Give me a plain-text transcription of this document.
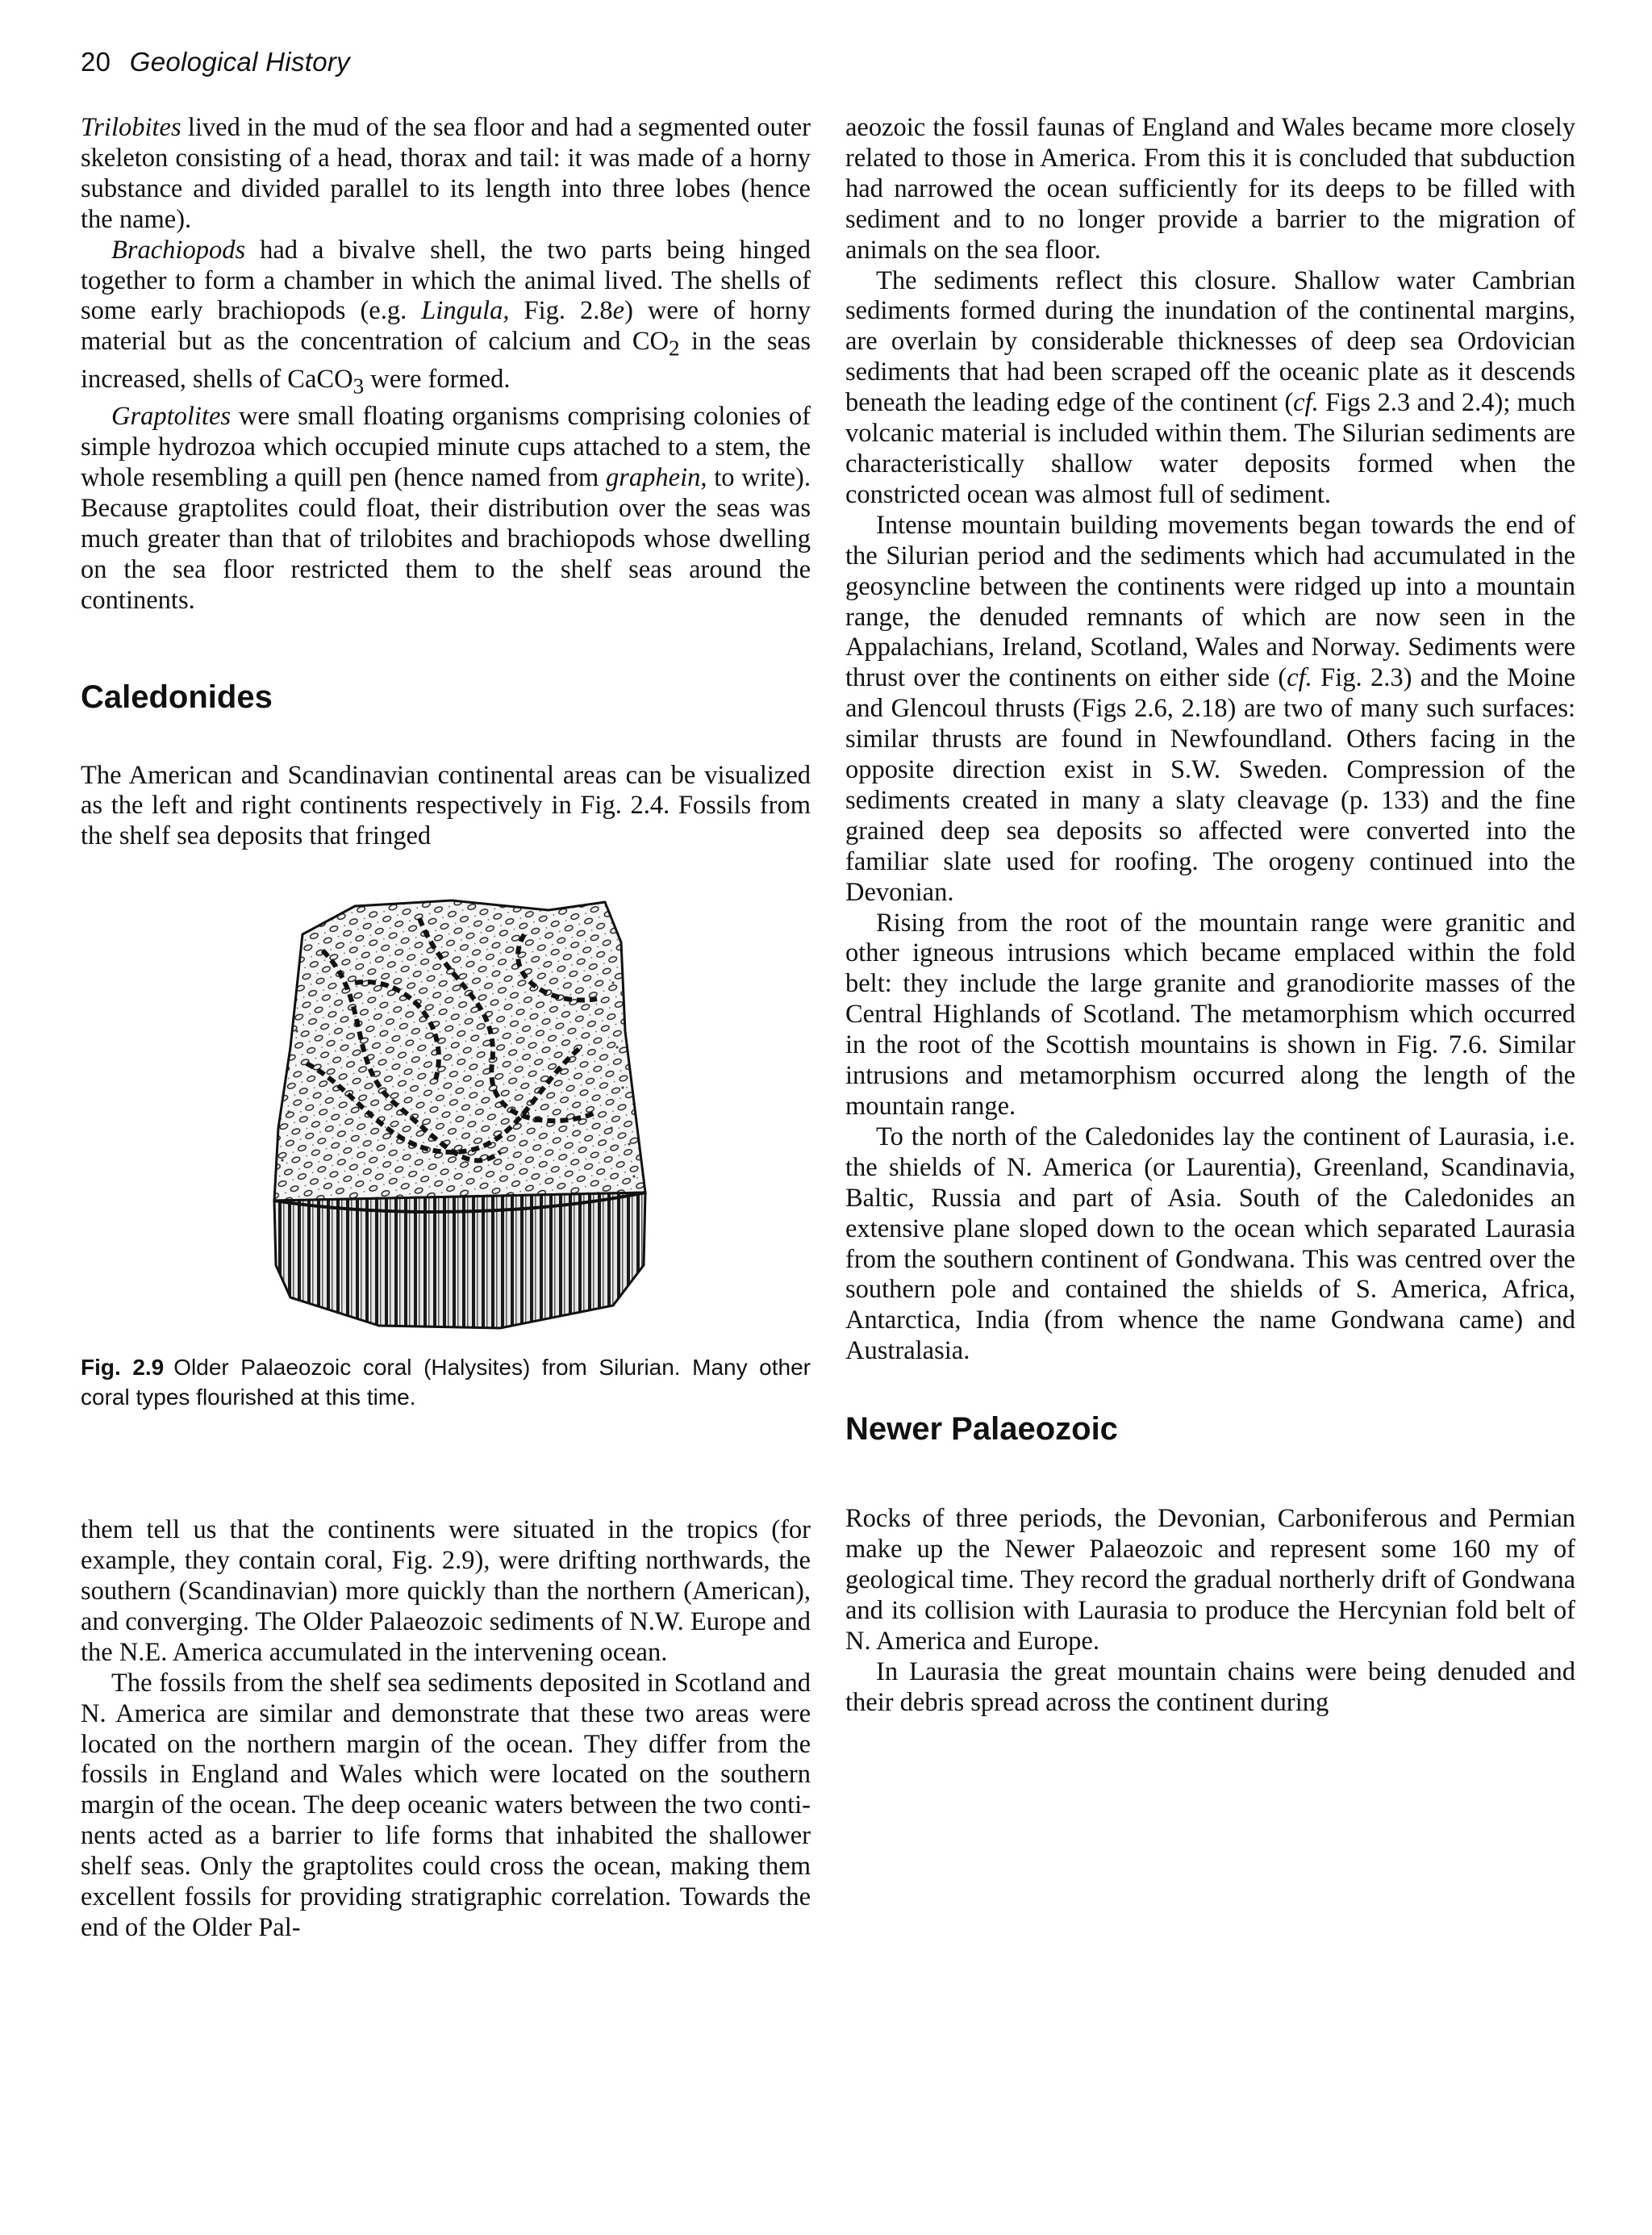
20 Geological History

Trilobites lived in the mud of the sea floor and had a segmented outer skeleton consisting of a head, thorax and tail: it was made of a horny substance and divided parallel to its length into three lobes (hence the name).

Brachiopods had a bivalve shell, the two parts being hinged together to form a chamber in which the animal lived. The shells of some early brachiopods (e.g. Lingula, Fig. 2.8e) were of horny material but as the concentration of calcium and $CO_2$ in the seas increased, shells of CaCO$_3$ were formed.

Graptolites were small floating organisms comprising colonies of simple hydrozoa which occupied minute cups attached to a stem, the whole resembling a quill pen (hence named from graphein, to write). Because graptolites could float, their distribution over the seas was much greater than that of trilobites and brachiopods whose dwelling on the sea floor restricted them to the shelf seas around the continents.

Caledonides

The American and Scandinavian continental areas can be visualized as the left and right continents respectively in Fig. 2.4. Fossils from the shelf sea deposits that fringed

Fig. 2.9 Older Palaeozoic coral (Halysites) from Silurian. Many other coral types flourished at this time.

them tell us that the continents were situated in the tropics (for example, they contain coral, Fig. 2.9), were drifting northwards, the southern (Scandinavian) more quickly than the northern (American), and converging. The Older Palaeozoic sediments of N.W. Europe and the N.E. America accumulated in the intervening ocean.

The fossils from the shelf sea sediments deposited in Scotland and N. America are similar and demonstrate that these two areas were located on the northern margin of the ocean. They differ from the fossils in England and Wales which were located on the southern margin of the ocean. The deep oceanic waters between the two continents acted as a barrier to life forms that inhabited the shallower shelf seas. Only the graptolites could cross the ocean, making them excellent fossils for providing stratigraphic correlation. Towards the end of the Older Pal-

aeozoic the fossil faunas of England and Wales became more closely related to those in America. From this it is concluded that subduction had narrowed the ocean sufficiently for its deeps to be filled with sediment and to no longer provide a barrier to the migration of animals on the sea floor.

The sediments reflect this closure. Shallow water Cambrian sediments formed during the inundation of the continental margins, are overlain by considerable thicknesses of deep sea Ordovician sediments that had been scraped off the oceanic plate as it descends beneath the leading edge of the continent (cf. Figs 2.3 and 2.4); much volcanic material is included within them. The Silurian sediments are characteristically shallow water deposits formed when the constricted ocean was almost full of sediment.

Intense mountain building movements began towards the end of the Silurian period and the sediments which had accumulated in the geosyncline between the continents were ridged up into a mountain range, the denuded remnants of which are now seen in the Appalachians, Ireland, Scotland, Wales and Norway. Sediments were thrust over the continents on either side (cf. Fig. 2.3) and the Moine and Glencoul thrusts (Figs 2.6, 2.18) are two of many such surfaces: similar thrusts are found in Newfoundland. Others facing in the opposite direction exist in S.W. Sweden. Compression of the sediments created in many a slaty cleavage (p. 133) and the fine grained deep sea deposits so affected were converted into the familiar slate used for roofing. The orogeny continued into the Devonian.

Rising from the root of the mountain range were granitic and other igneous intrusions which became emplaced within the fold belt: they include the large granite and granodiorite masses of the Central Highlands of Scotland. The metamorphism which occurred in the root of the Scottish mountains is shown in Fig. 7.6. Similar intrusions and metamorphism occurred along the length of the mountain range.

To the north of the Caledonides lay the continent of Laurasia, i.e. the shields of N. America (or Laurentia), Greenland, Scandinavia, Baltic, Russia and part of Asia. South of the Caledonides an extensive plane sloped down to the ocean which separated Laurasia from the southern continent of Gondwana. This was centred over the southern pole and contained the shields of S. America, Africa, Antarctica, India (from whence the name Gondwana came) and Australasia.

Newer Palaeozoic

Rocks of three periods, the Devonian, Carboniferous and Permian make up the Newer Palaeozoic and represent some 160 my of geological time. They record the gradual northerly drift of Gondwana and its collision with Laurasia to produce the Hercynian fold belt of N. America and Europe.

In Laurasia the great mountain chains were being denuded and their debris spread across the continent during
